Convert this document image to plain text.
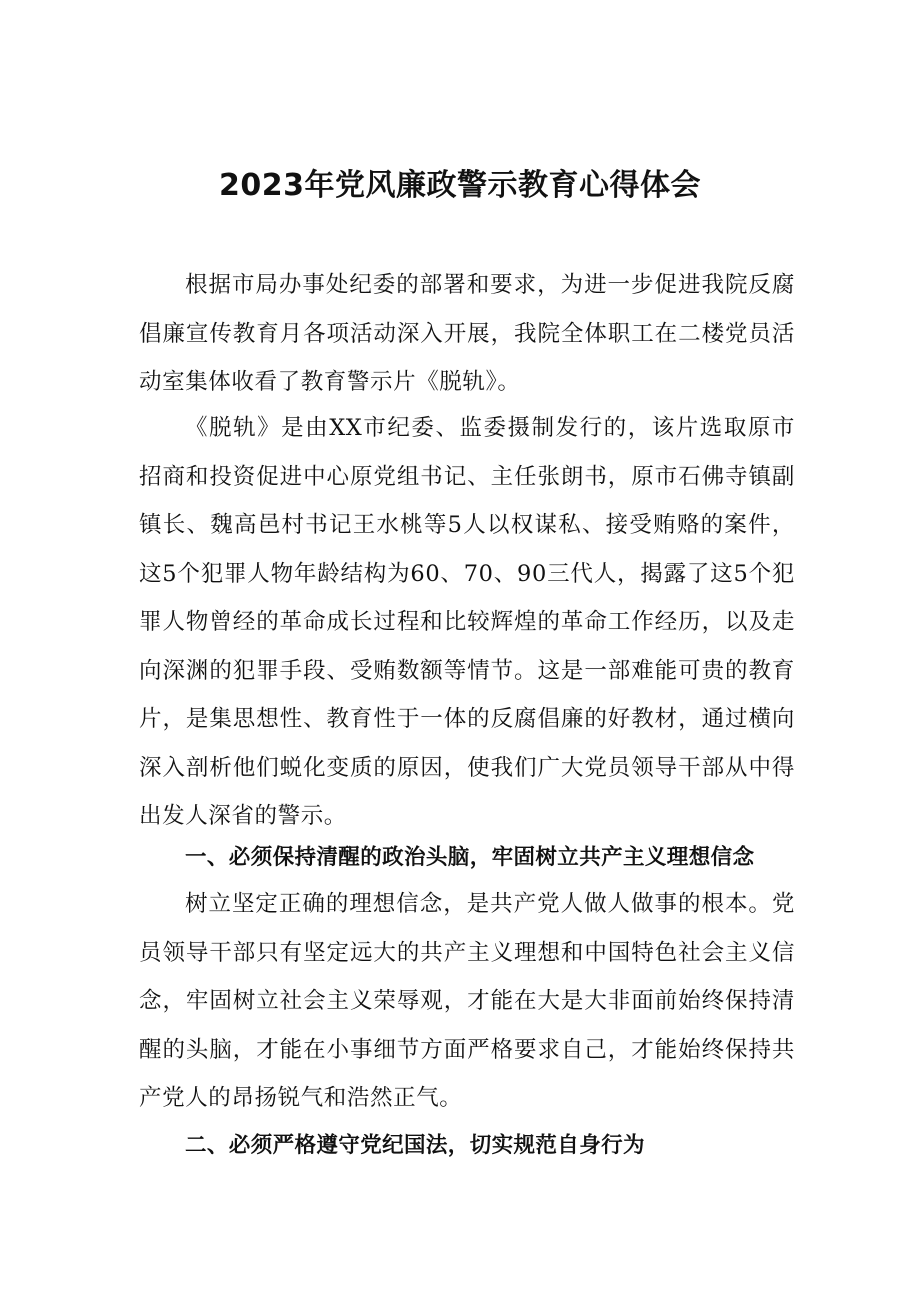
2023年党风廉政警示教育心得体会

根据市局办事处纪委的部署和要求，为进一步促进我院反腐倡廉宣传教育月各项活动深入开展，我院全体职工在二楼党员活动室集体收看了教育警示片《脱轨》。

《脱轨》是由XX市纪委、监委摄制发行的，该片选取原市招商和投资促进中心原党组书记、主任张朗书，原市石佛寺镇副镇长、魏高邑村书记王水桃等5人以权谋私、接受贿赂的案件，这5个犯罪人物年龄结构为60、70、90三代人，揭露了这5个犯罪人物曾经的革命成长过程和比较辉煌的革命工作经历，以及走向深渊的犯罪手段、受贿数额等情节。这是一部难能可贵的教育片，是集思想性、教育性于一体的反腐倡廉的好教材，通过横向深入剖析他们蜕化变质的原因，使我们广大党员领导干部从中得出发人深省的警示。

一、必须保持清醒的政治头脑，牢固树立共产主义理想信念

树立坚定正确的理想信念，是共产党人做人做事的根本。党员领导干部只有坚定远大的共产主义理想和中国特色社会主义信念，牢固树立社会主义荣辱观，才能在大是大非面前始终保持清醒的头脑，才能在小事细节方面严格要求自己，才能始终保持共产党人的昂扬锐气和浩然正气。

二、必须严格遵守党纪国法，切实规范自身行为
